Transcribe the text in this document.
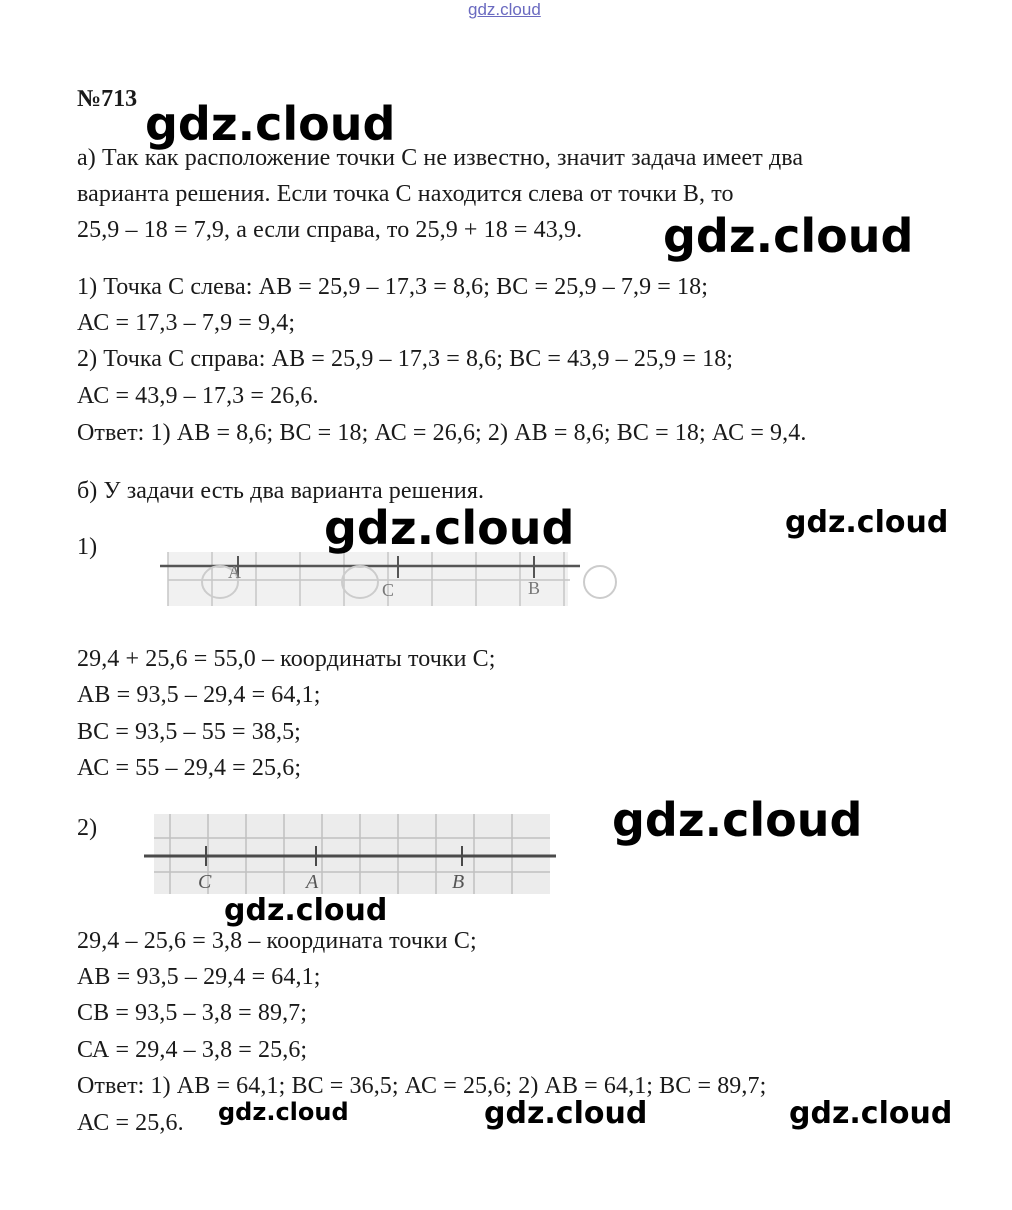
gdz.cloud
№713
а) Так как расположение точки С не известно, значит задача имеет два
варианта решения. Если точка С находится слева от точки В, то
25,9 – 18 = 7,9, а если справа, то 25,9 + 18 = 43,9.
1) Точка С слева: АВ = 25,9 – 17,3 = 8,6; ВС = 25,9 – 7,9 = 18;
АС = 17,3 – 7,9 = 9,4;
2) Точка С справа: АВ = 25,9 – 17,3 = 8,6; ВС = 43,9 – 25,9 = 18;
АС = 43,9 – 17,3 = 26,6.
Ответ: 1) АВ = 8,6; ВС = 18; АС = 26,6; 2) АВ = 8,6; ВС = 18; АС = 9,4.
б) У задачи есть два варианта решения.
1)
А
С	В
29,4 + 25,6 = 55,0 – координаты точки С;
АВ = 93,5 – 29,4 = 64,1;
ВС = 93,5 – 55 = 38,5;
АС = 55 – 29,4 = 25,6;
2)
С	А	В
29,4 – 25,6 = 3,8 – координата точки С;
АВ = 93,5 – 29,4 = 64,1;
СВ = 93,5 – 3,8 = 89,7;
СА = 29,4 – 3,8 = 25,6;
Ответ: 1) АВ = 64,1; ВС = 36,5; АС = 25,6; 2) АВ = 64,1; ВС = 89,7;
АС = 25,6.
gdz.cloud
gdz.cloud
gdz.cloud	gdz.cloud
gdz.cloud
gdz.cloud
gdz.cloud	gdz.cloud	gdz.cloud
